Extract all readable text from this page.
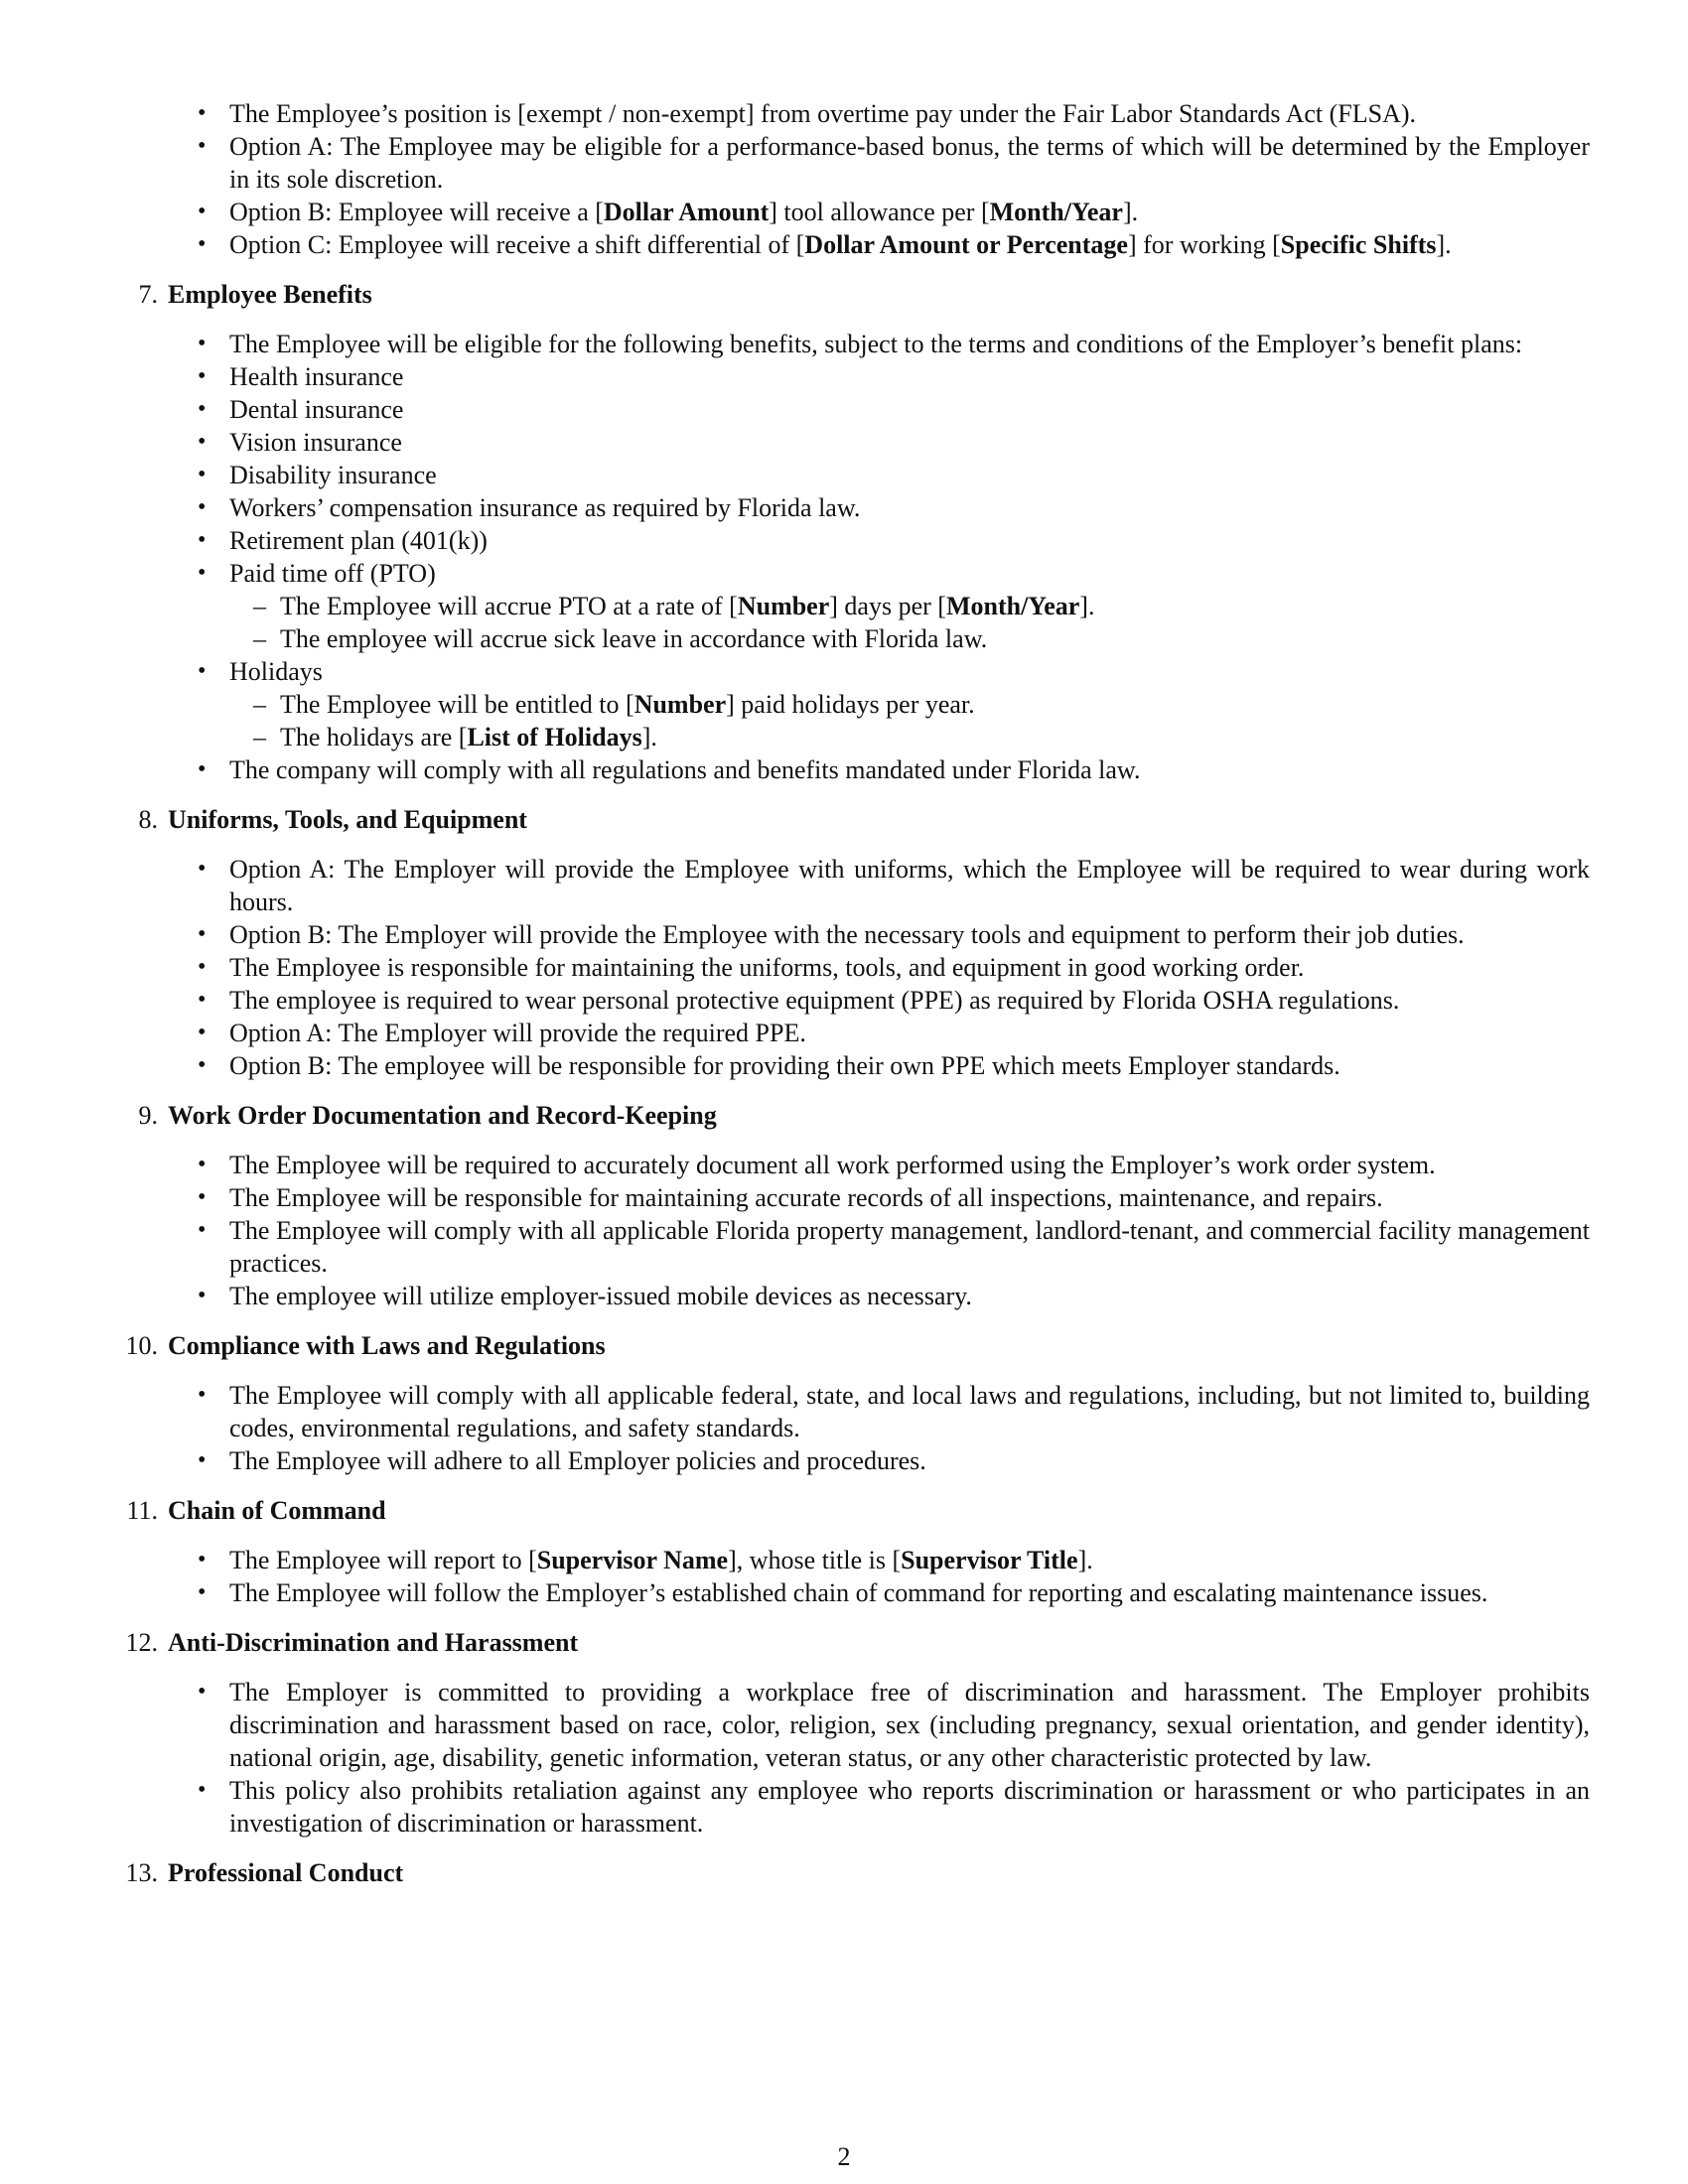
• The Employee’s position is [exempt / non-exempt] from overtime pay under the Fair Labor Standards Act (FLSA).
• Option A: The Employee may be eligible for a performance-based bonus, the terms of which will be determined by the Employer in its sole discretion.
• Option B: Employee will receive a [Dollar Amount] tool allowance per [Month/Year].
• Option C: Employee will receive a shift differential of [Dollar Amount or Percentage] for working [Specific Shifts].
7. Employee Benefits
• The Employee will be eligible for the following benefits, subject to the terms and conditions of the Employer’s benefit plans:
• Health insurance
• Dental insurance
• Vision insurance
• Disability insurance
• Workers’ compensation insurance as required by Florida law.
• Retirement plan (401(k))
• Paid time off (PTO)
– The Employee will accrue PTO at a rate of [Number] days per [Month/Year].
– The employee will accrue sick leave in accordance with Florida law.
• Holidays
– The Employee will be entitled to [Number] paid holidays per year.
– The holidays are [List of Holidays].
• The company will comply with all regulations and benefits mandated under Florida law.
8. Uniforms, Tools, and Equipment
• Option A: The Employer will provide the Employee with uniforms, which the Employee will be required to wear during work hours.
• Option B: The Employer will provide the Employee with the necessary tools and equipment to perform their job duties.
• The Employee is responsible for maintaining the uniforms, tools, and equipment in good working order.
• The employee is required to wear personal protective equipment (PPE) as required by Florida OSHA regulations.
• Option A: The Employer will provide the required PPE.
• Option B: The employee will be responsible for providing their own PPE which meets Employer standards.
9. Work Order Documentation and Record-Keeping
• The Employee will be required to accurately document all work performed using the Employer’s work order system.
• The Employee will be responsible for maintaining accurate records of all inspections, maintenance, and repairs.
• The Employee will comply with all applicable Florida property management, landlord-tenant, and commercial facility management practices.
• The employee will utilize employer-issued mobile devices as necessary.
10. Compliance with Laws and Regulations
• The Employee will comply with all applicable federal, state, and local laws and regulations, including, but not limited to, building codes, environmental regulations, and safety standards.
• The Employee will adhere to all Employer policies and procedures.
11. Chain of Command
• The Employee will report to [Supervisor Name], whose title is [Supervisor Title].
• The Employee will follow the Employer’s established chain of command for reporting and escalating maintenance issues.
12. Anti-Discrimination and Harassment
• The Employer is committed to providing a workplace free of discrimination and harassment. The Employer prohibits discrimination and harassment based on race, color, religion, sex (including pregnancy, sexual orientation, and gender identity), national origin, age, disability, genetic information, veteran status, or any other characteristic protected by law.
• This policy also prohibits retaliation against any employee who reports discrimination or harassment or who participates in an investigation of discrimination or harassment.
13. Professional Conduct
2
